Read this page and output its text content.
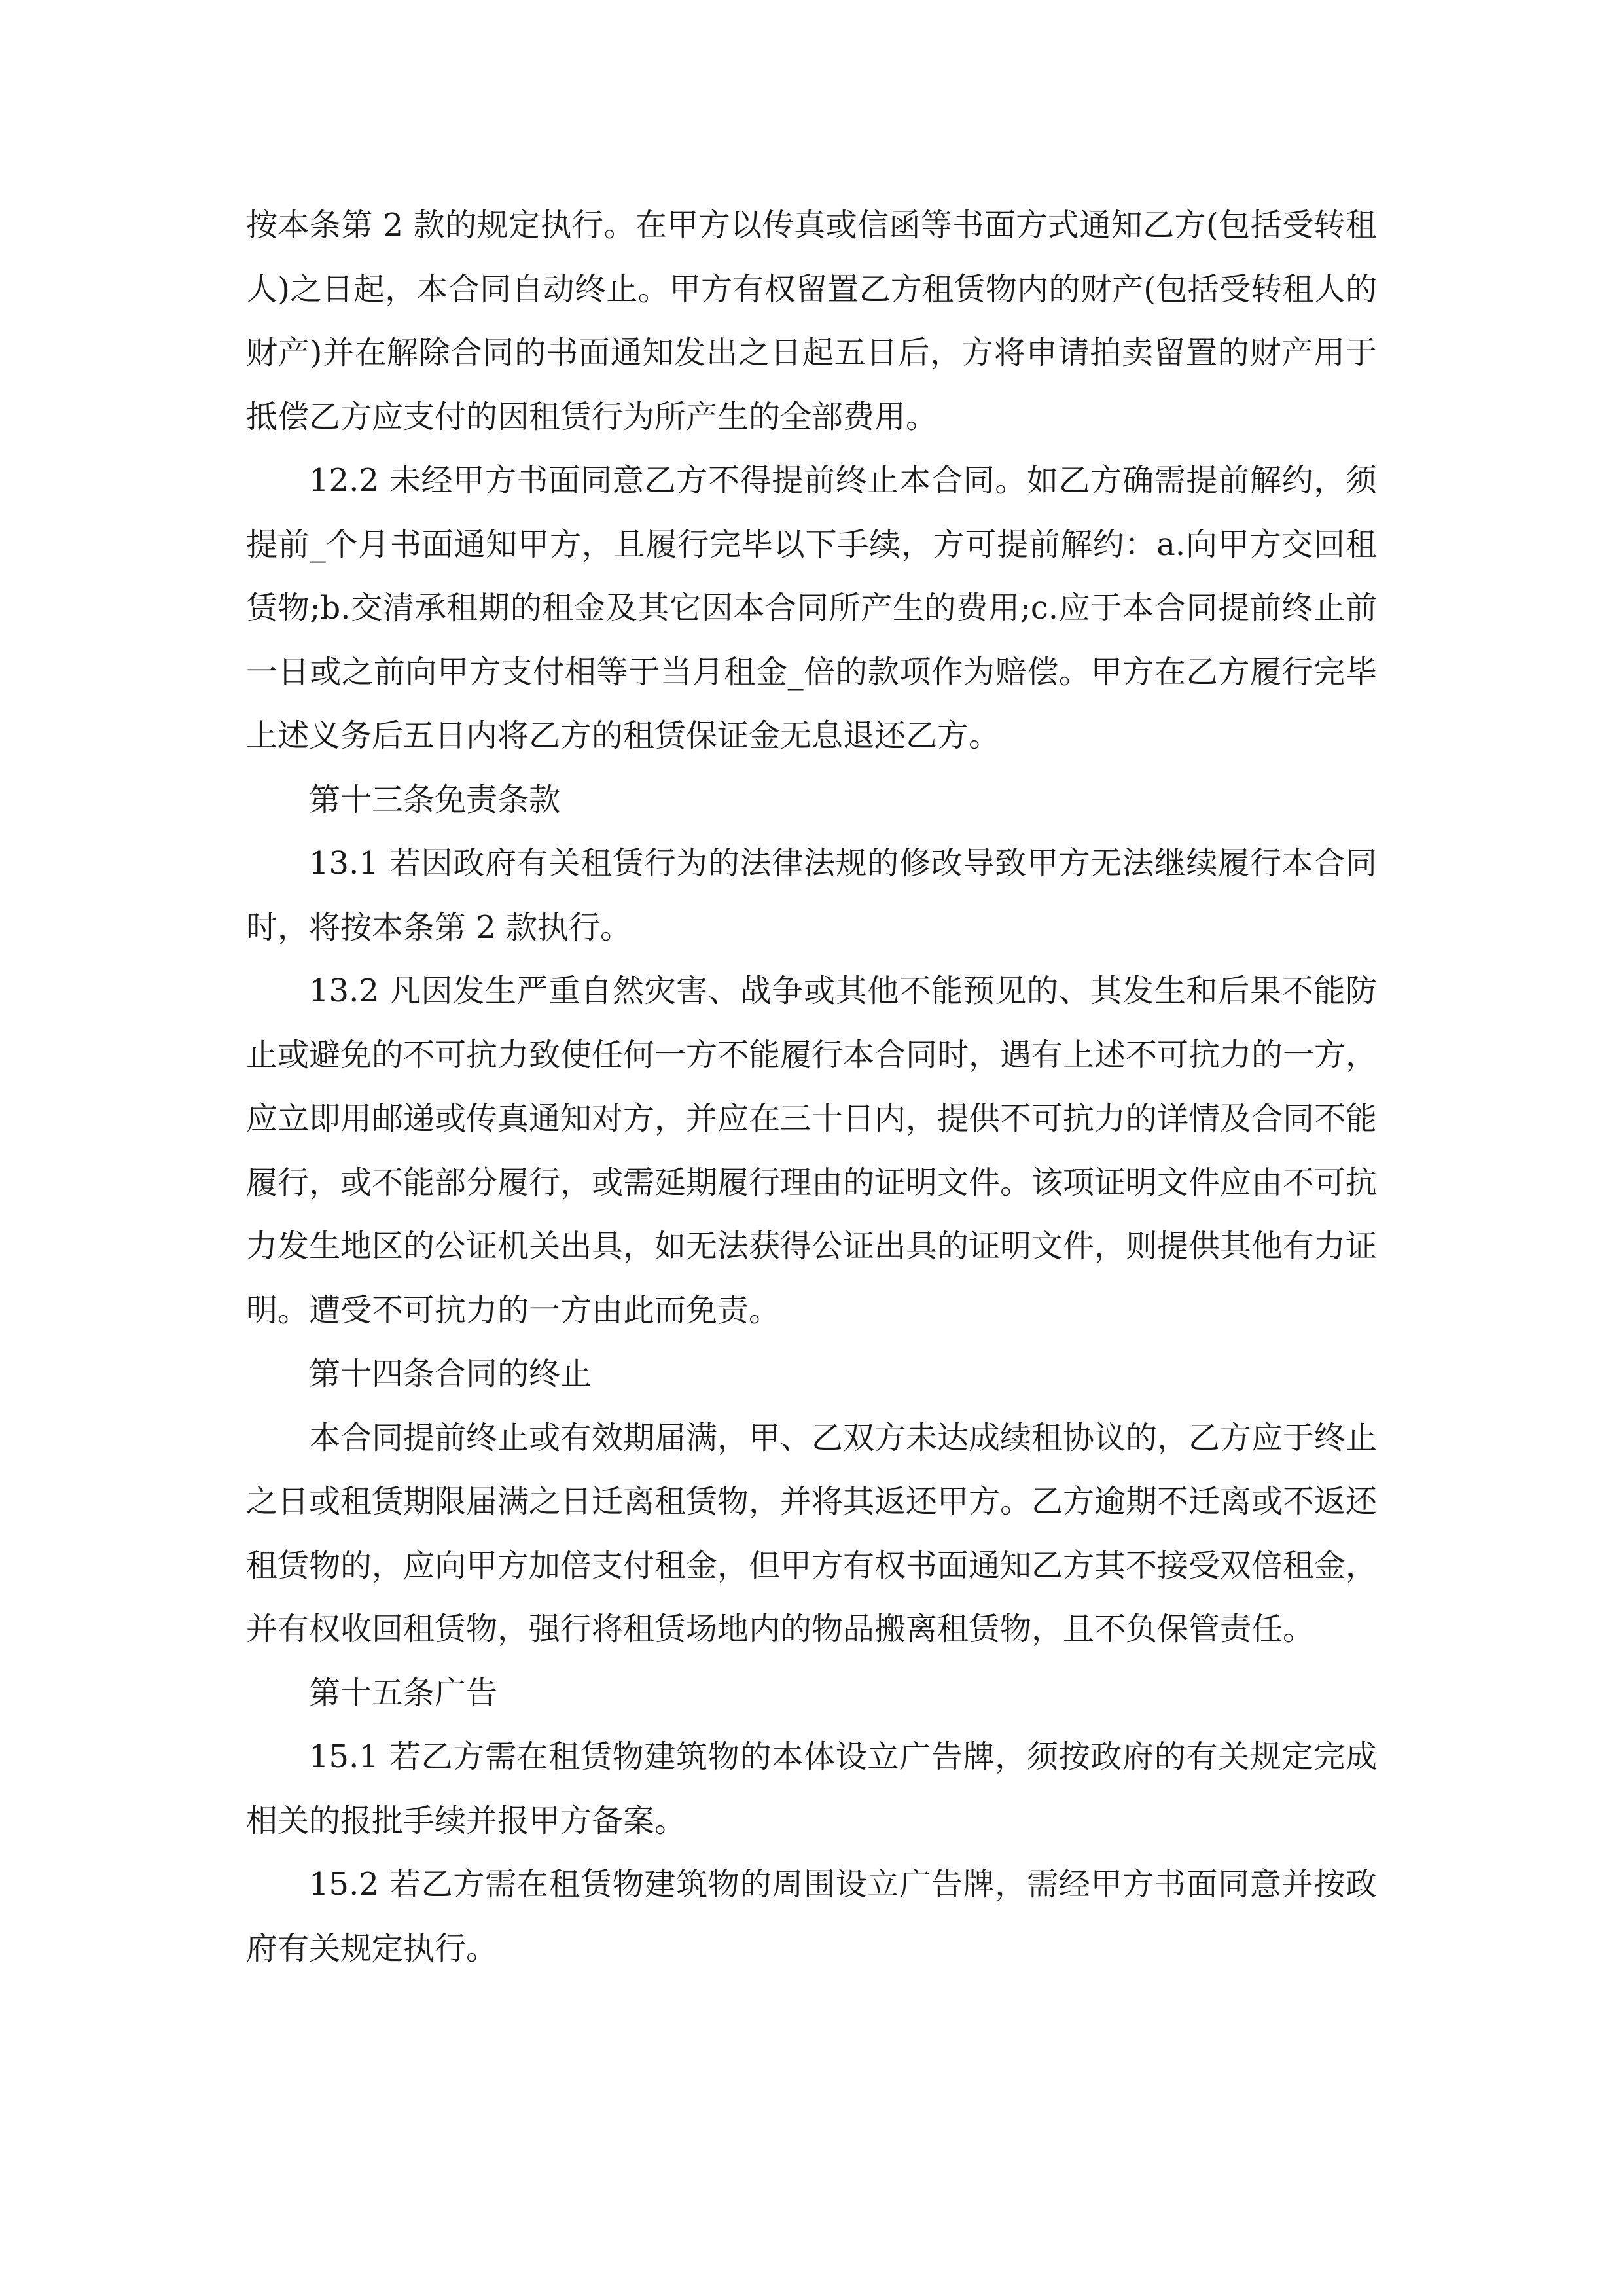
按本条第 2 款的规定执行。在甲方以传真或信函等书面方式通知乙方(包括受转租人)之日起，本合同自动终止。甲方有权留置乙方租赁物内的财产(包括受转租人的财产)并在解除合同的书面通知发出之日起五日后，方将申请拍卖留置的财产用于抵偿乙方应支付的因租赁行为所产生的全部费用。

12.2 未经甲方书面同意乙方不得提前终止本合同。如乙方确需提前解约，须提前_个月书面通知甲方，且履行完毕以下手续，方可提前解约：a.向甲方交回租赁物;b.交清承租期的租金及其它因本合同所产生的费用;c.应于本合同提前终止前一日或之前向甲方支付相等于当月租金_倍的款项作为赔偿。甲方在乙方履行完毕上述义务后五日内将乙方的租赁保证金无息退还乙方。

第十三条免责条款

13.1 若因政府有关租赁行为的法律法规的修改导致甲方无法继续履行本合同时，将按本条第 2 款执行。

13.2 凡因发生严重自然灾害、战争或其他不能预见的、其发生和后果不能防止或避免的不可抗力致使任何一方不能履行本合同时，遇有上述不可抗力的一方，应立即用邮递或传真通知对方，并应在三十日内，提供不可抗力的详情及合同不能履行，或不能部分履行，或需延期履行理由的证明文件。该项证明文件应由不可抗力发生地区的公证机关出具，如无法获得公证出具的证明文件，则提供其他有力证明。遭受不可抗力的一方由此而免责。

第十四条合同的终止

本合同提前终止或有效期届满，甲、乙双方未达成续租协议的，乙方应于终止之日或租赁期限届满之日迁离租赁物，并将其返还甲方。乙方逾期不迁离或不返还租赁物的，应向甲方加倍支付租金，但甲方有权书面通知乙方其不接受双倍租金，并有权收回租赁物，强行将租赁场地内的物品搬离租赁物，且不负保管责任。

第十五条广告

15.1 若乙方需在租赁物建筑物的本体设立广告牌，须按政府的有关规定完成相关的报批手续并报甲方备案。

15.2 若乙方需在租赁物建筑物的周围设立广告牌，需经甲方书面同意并按政府有关规定执行。
